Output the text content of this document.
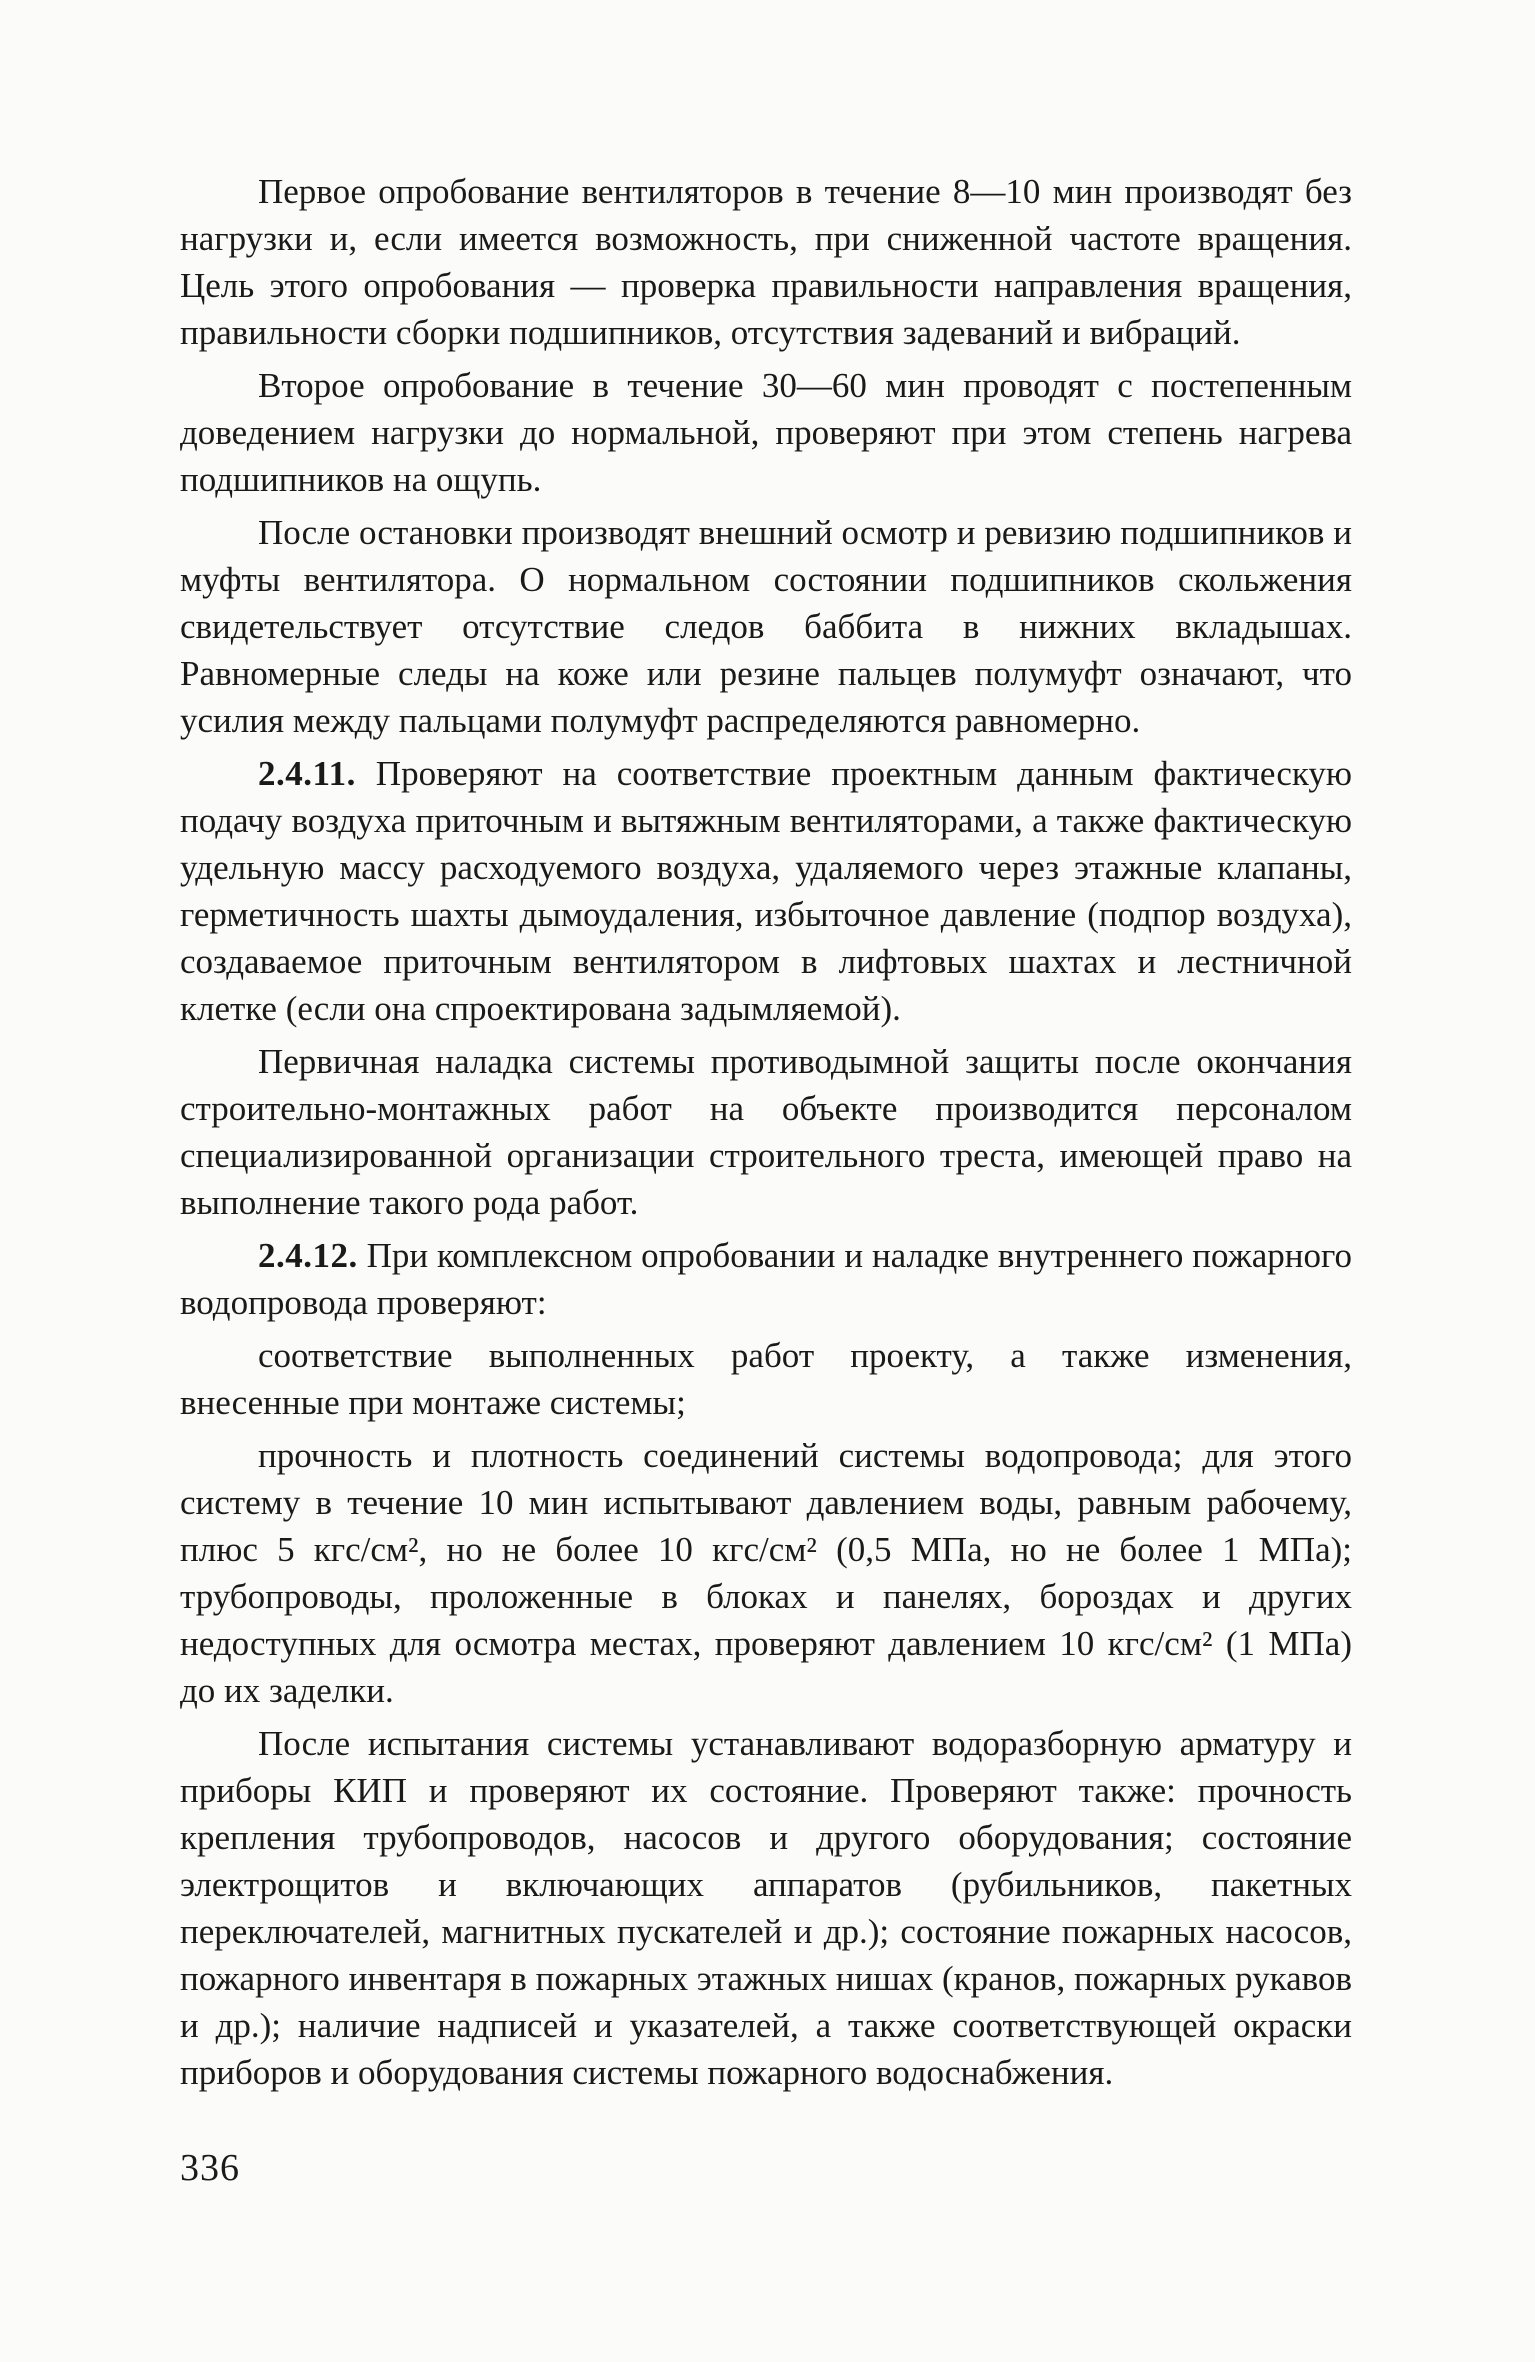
Первое опробование вентиляторов в течение 8—10 мин производят без нагрузки и, если имеется возможность, при сниженной частоте вращения. Цель этого опробования — проверка правильности направления вращения, правильности сборки подшипников, отсутствия задеваний и вибраций.

Второе опробование в течение 30—60 мин проводят с постепенным доведением нагрузки до нормальной, проверяют при этом степень нагрева подшипников на ощупь.

После остановки производят внешний осмотр и ревизию подшипников и муфты вентилятора. О нормальном состоянии подшипников скольжения свидетельствует отсутствие следов баббита в нижних вкладышах. Равномерные следы на коже или резине пальцев полумуфт означают, что усилия между пальцами полумуфт распределяются равномерно.

2.4.11. Проверяют на соответствие проектным данным фактическую подачу воздуха приточным и вытяжным вентиляторами, а также фактическую удельную массу расходуемого воздуха, удаляемого через этажные клапаны, герметичность шахты дымоудаления, избыточное давление (подпор воздуха), создаваемое приточным вентилятором в лифтовых шахтах и лестничной клетке (если она спроектирована задымляемой).

Первичная наладка системы противодымной защиты после окончания строительно-монтажных работ на объекте производится персоналом специализированной организации строительного треста, имеющей право на выполнение такого рода работ.

2.4.12. При комплексном опробовании и наладке внутреннего пожарного водопровода проверяют:

соответствие выполненных работ проекту, а также изменения, внесенные при монтаже системы;

прочность и плотность соединений системы водопровода; для этого систему в течение 10 мин испытывают давлением воды, равным рабочему, плюс 5 кгс/см², но не более 10 кгс/см² (0,5 МПа, но не более 1 МПа); трубопроводы, проложенные в блоках и панелях, бороздах и других недоступных для осмотра местах, проверяют давлением 10 кгс/см² (1 МПа) до их заделки.

После испытания системы устанавливают водоразборную арматуру и приборы КИП и проверяют их состояние. Проверяют также: прочность крепления трубопроводов, насосов и другого оборудования; состояние электрощитов и включающих аппаратов (рубильников, пакетных переключателей, магнитных пускателей и др.); состояние пожарных насосов, пожарного инвентаря в пожарных этажных нишах (кранов, пожарных рукавов и др.); наличие надписей и указателей, а также соответствующей окраски приборов и оборудования системы пожарного водоснабжения.

336
